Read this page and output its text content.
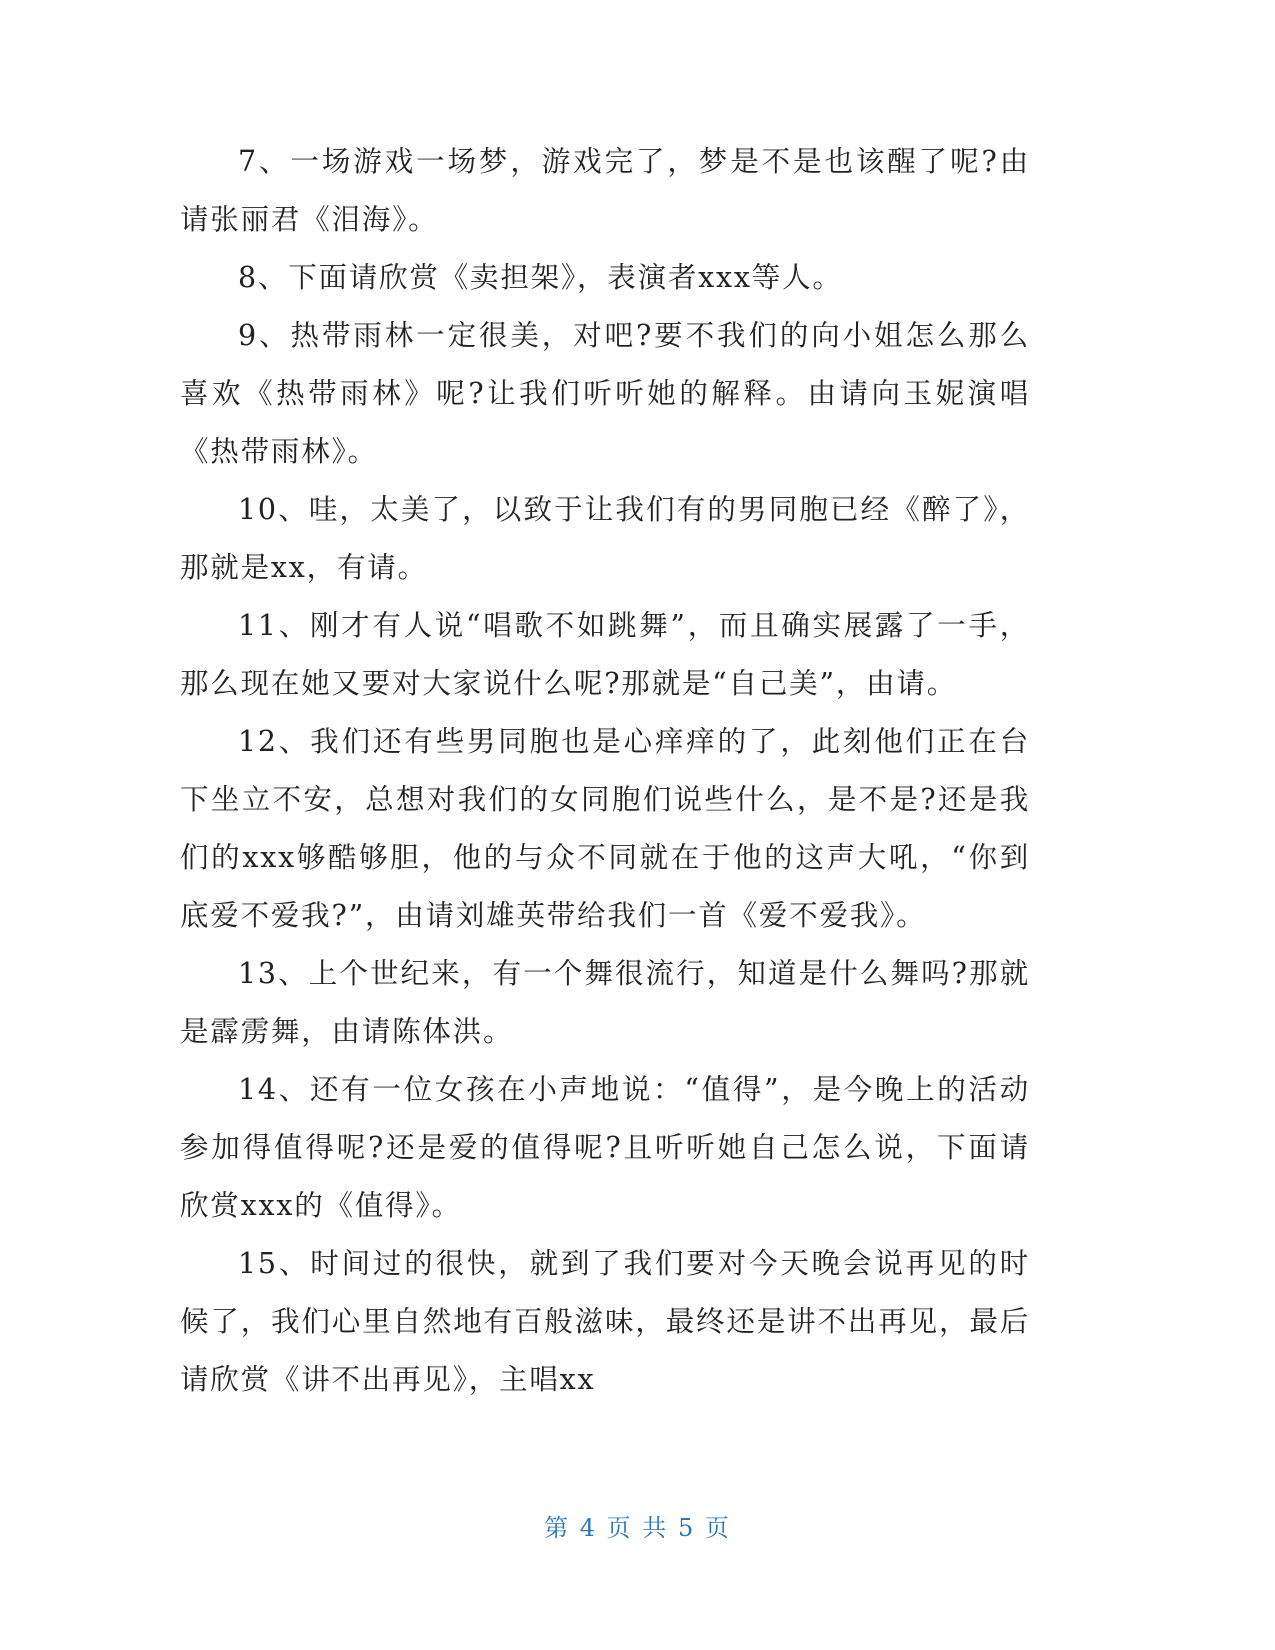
7、一场游戏一场梦，游戏完了，梦是不是也该醒了呢?由请张丽君《泪海》。

8、下面请欣赏《卖担架》，表演者xxx等人。

9、热带雨林一定很美，对吧?要不我们的向小姐怎么那么喜欢《热带雨林》呢?让我们听听她的解释。由请向玉妮演唱《热带雨林》。

10、哇，太美了，以致于让我们有的男同胞已经《醉了》，那就是xx，有请。

11、刚才有人说“唱歌不如跳舞”，而且确实展露了一手，那么现在她又要对大家说什么呢?那就是“自己美”，由请。

12、我们还有些男同胞也是心痒痒的了，此刻他们正在台下坐立不安，总想对我们的女同胞们说些什么，是不是?还是我们的xxx够酷够胆，他的与众不同就在于他的这声大吼，“你到底爱不爱我?”，由请刘雄英带给我们一首《爱不爱我》。

13、上个世纪来，有一个舞很流行，知道是什么舞吗?那就是霹雳舞，由请陈体洪。

14、还有一位女孩在小声地说：“值得”，是今晚上的活动参加得值得呢?还是爱的值得呢?且听听她自己怎么说，下面请欣赏xxx的《值得》。

15、时间过的很快，就到了我们要对今天晚会说再见的时候了，我们心里自然地有百般滋味，最终还是讲不出再见，最后请欣赏《讲不出再见》，主唱xx

第 4 页 共 5 页
